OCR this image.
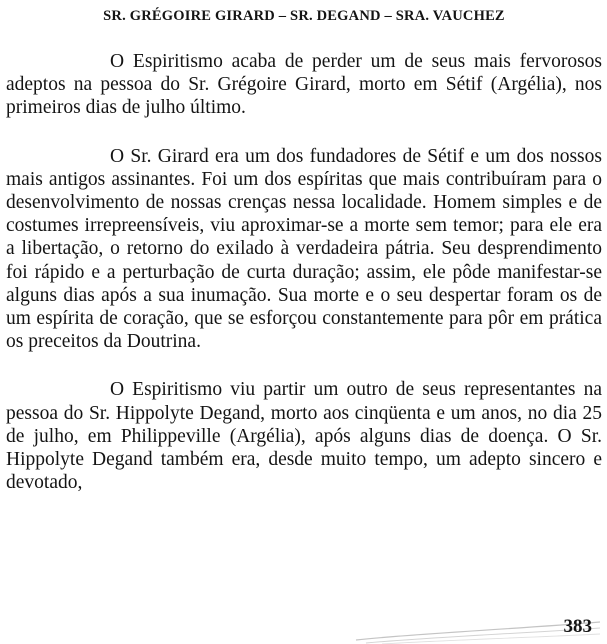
SR. GRÉGOIRE GIRARD – SR. DEGAND – SRA. VAUCHEZ

O Espiritismo acaba de perder um de seus mais fervorosos adeptos na pessoa do Sr. Grégoire Girard, morto em Sétif (Argélia), nos primeiros dias de julho último.

O Sr. Girard era um dos fundadores de Sétif e um dos nossos mais antigos assinantes. Foi um dos espíritas que mais contribuíram para o desenvolvimento de nossas crenças nessa localidade. Homem simples e de costumes irrepreensíveis, viu aproximar-se a morte sem temor; para ele era a libertação, o retorno do exilado à verdadeira pátria. Seu desprendimento foi rápido e a perturbação de curta duração; assim, ele pôde manifestar-se alguns dias após a sua inumação. Sua morte e o seu despertar foram os de um espírita de coração, que se esforçou constantemente para pôr em prática os preceitos da Doutrina.

O Espiritismo viu partir um outro de seus representantes na pessoa do Sr. Hippolyte Degand, morto aos cinqüenta e um anos, no dia 25 de julho, em Philippeville (Argélia), após alguns dias de doença. O Sr. Hippolyte Degand também era, desde muito tempo, um adepto sincero e devotado,

383
